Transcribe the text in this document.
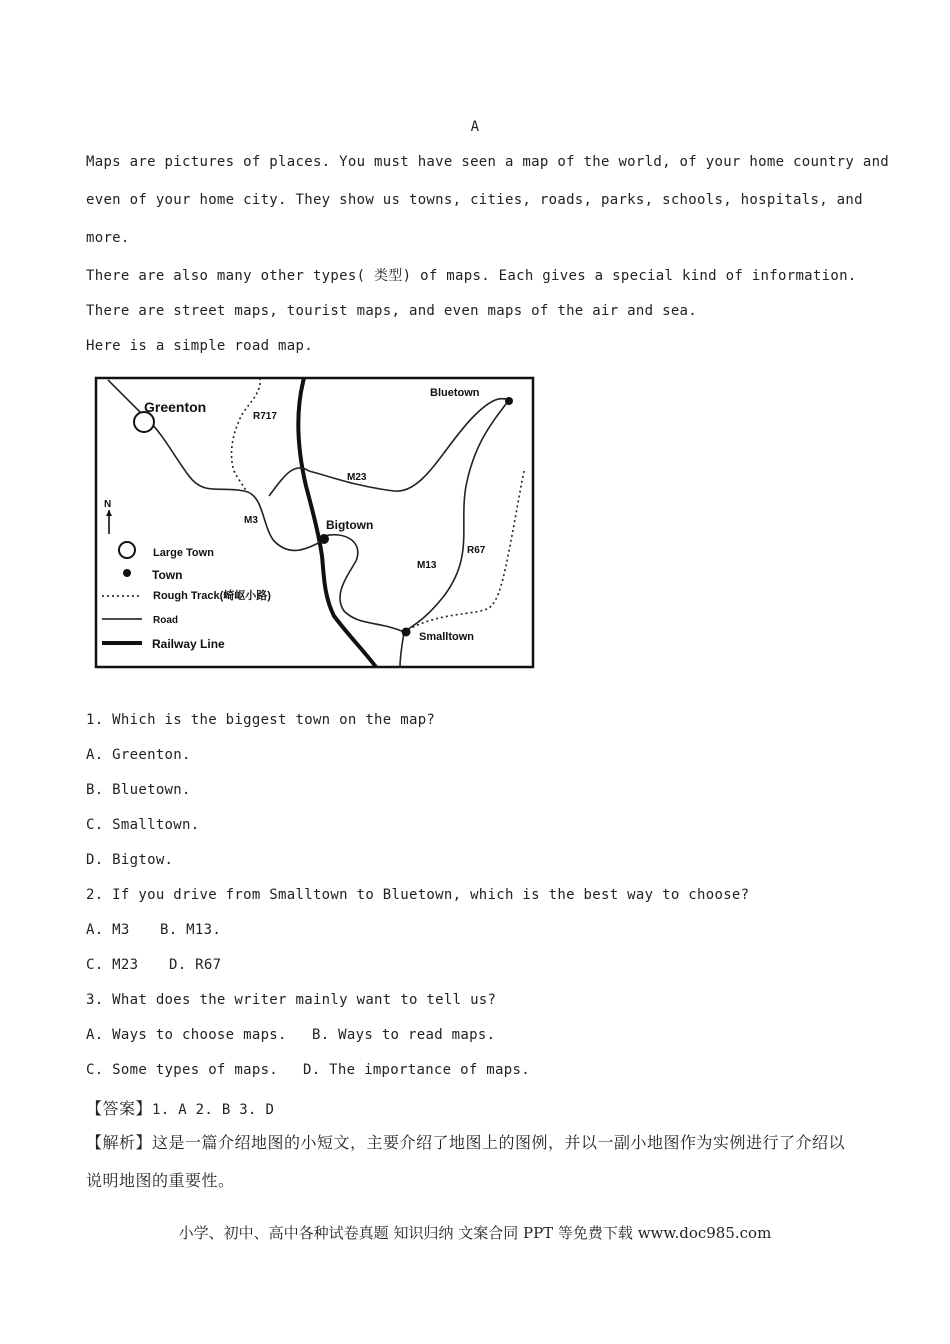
A
Maps are pictures of places. You must have seen a map of the world, of your home country and
even of your home city. They show us towns, cities, roads, parks, schools, hospitals, and
more.
There are also many other types( 类型) of maps. Each gives a special kind of information.
There are street maps, tourist maps, and even maps of the air and sea.
Here is a simple road map.
Greenton
Bluetown
Bigtown
Smalltown
R717
M23
M3
M13
R67
N
Large Town
Town
Rough Track(崎岖小路)
Road
Railway Line
1. Which is the biggest town on the map?
A. Greenton.
B. Bluetown.
C. Smalltown.
D. Bigtow.
2. If you drive from Smalltown to Bluetown, which is the best way to choose?
A. M3 B. M13.
C. M23 D. R67
3. What does the writer mainly want to tell us?
A. Ways to choose maps. B. Ways to read maps.
C. Some types of maps. D. The importance of maps.
【答案】1. A 2. B 3. D
【解析】这是一篇介绍地图的小短文，主要介绍了地图上的图例，并以一副小地图作为实例进行了介绍以
说明地图的重要性。
小学、初中、高中各种试卷真题 知识归纳 文案合同 PPT 等免费下载 www.doc985.com
